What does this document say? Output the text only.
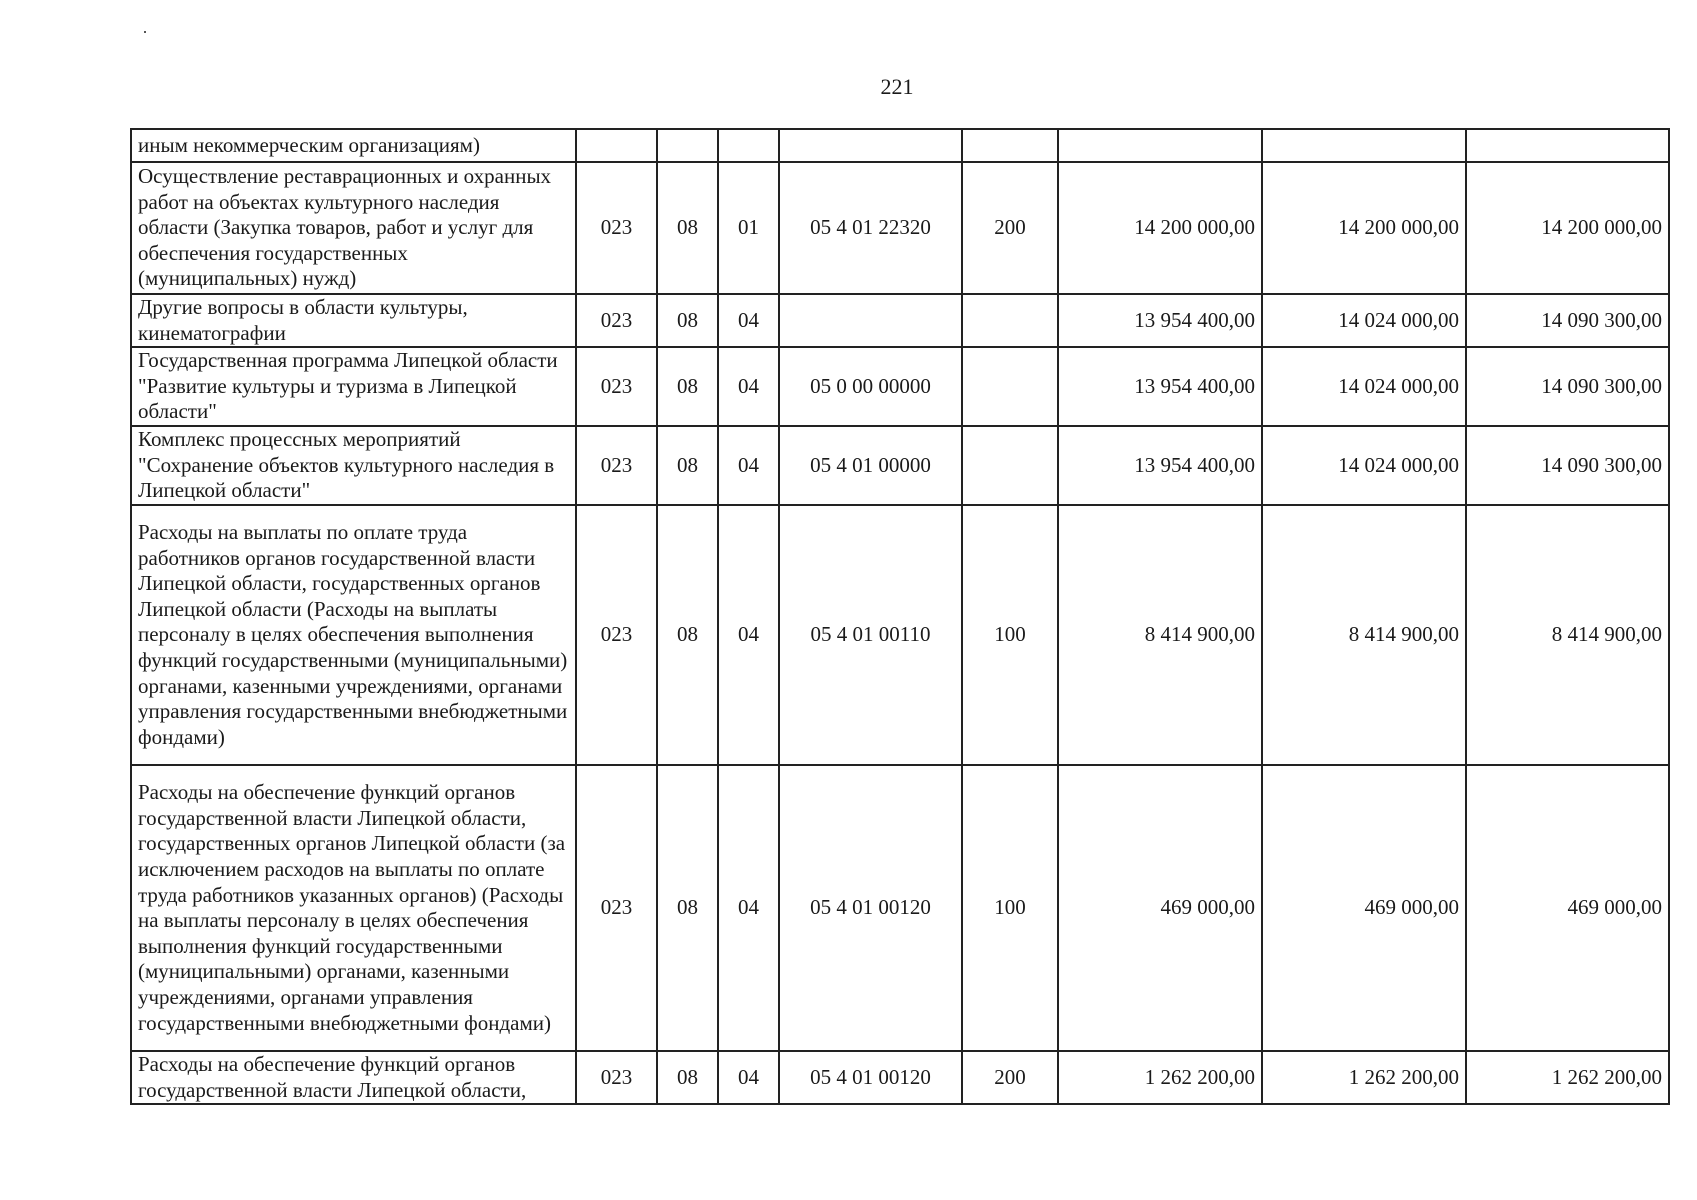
221
иным некоммерческим организациям)								
Осуществление реставрационных и охранных работ на объектах культурного наследия области (Закупка товаров, работ и услуг для обеспечения государственных (муниципальных) нужд)	023	08	01	05 4 01 22320	200	14 200 000,00	14 200 000,00	14 200 000,00
Другие вопросы в области культуры, кинематографии	023	08	04			13 954 400,00	14 024 000,00	14 090 300,00
Государственная программа Липецкой области "Развитие культуры и туризма в Липецкой области"	023	08	04	05 0 00 00000		13 954 400,00	14 024 000,00	14 090 300,00
Комплекс процессных мероприятий "Сохранение объектов культурного наследия в Липецкой области"	023	08	04	05 4 01 00000		13 954 400,00	14 024 000,00	14 090 300,00
Расходы на выплаты по оплате труда работников органов государственной власти Липецкой области, государственных органов Липецкой области (Расходы на выплаты персоналу в целях обеспечения выполнения функций государственными (муниципальными) органами, казенными учреждениями, органами управления государственными внебюджетными фондами)	023	08	04	05 4 01 00110	100	8 414 900,00	8 414 900,00	8 414 900,00
Расходы на обеспечение функций органов государственной власти Липецкой области, государственных органов Липецкой области (за исключением расходов на выплаты по оплате труда работников указанных органов) (Расходы на выплаты персоналу в целях обеспечения выполнения функций государственными (муниципальными) органами, казенными учреждениями, органами управления государственными внебюджетными фондами)	023	08	04	05 4 01 00120	100	469 000,00	469 000,00	469 000,00
Расходы на обеспечение функций органов государственной власти Липецкой области,	023	08	04	05 4 01 00120	200	1 262 200,00	1 262 200,00	1 262 200,00
